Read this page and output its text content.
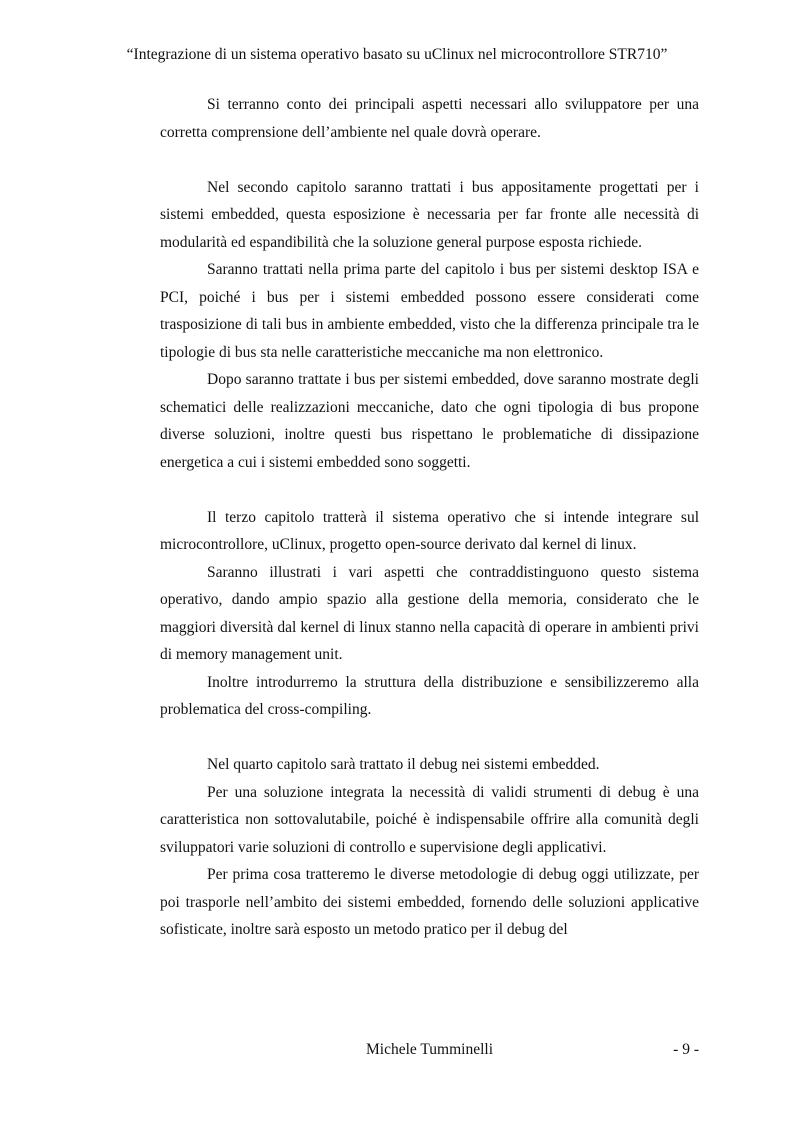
“Integrazione di un sistema operativo basato su uClinux nel microcontrollore STR710”

Si terranno conto dei principali aspetti necessari allo sviluppatore per una corretta comprensione dell’ambiente nel quale dovrà operare.

Nel secondo capitolo saranno trattati i bus appositamente progettati per i sistemi embedded, questa esposizione è necessaria per far fronte alle necessità di modularità ed espandibilità che la soluzione general purpose esposta richiede.

Saranno trattati nella prima parte del capitolo i bus per sistemi desktop ISA e PCI, poiché i bus per i sistemi embedded possono essere considerati come trasposizione di tali bus in ambiente embedded, visto che la differenza principale tra le tipologie di bus sta nelle caratteristiche meccaniche ma non elettronico.

Dopo saranno trattate i bus per sistemi embedded, dove saranno mostrate degli schematici delle realizzazioni meccaniche, dato che ogni tipologia di bus propone diverse soluzioni, inoltre questi bus rispettano le problematiche di dissipazione energetica a cui i sistemi embedded sono soggetti.

Il terzo capitolo tratterà il sistema operativo che si intende integrare sul microcontrollore, uClinux, progetto open-source derivato dal kernel di linux.

Saranno illustrati i vari aspetti che contraddistinguono questo sistema operativo, dando ampio spazio alla gestione della memoria, considerato che le maggiori diversità dal kernel di linux stanno nella capacità di operare in ambienti privi di memory management unit.

Inoltre introdurremo la struttura della distribuzione e sensibilizzeremo alla problematica del cross-compiling.

Nel quarto capitolo sarà trattato il debug nei sistemi embedded.

Per una soluzione integrata la necessità di validi strumenti di debug è una caratteristica non sottovalutabile, poiché è indispensabile offrire alla comunità degli sviluppatori varie soluzioni di controllo e supervisione degli applicativi.

Per prima cosa tratteremo le diverse metodologie di debug oggi utilizzate, per poi trasporle nell’ambito dei sistemi embedded, fornendo delle soluzioni applicative sofisticate, inoltre sarà esposto un metodo pratico per il debug del

Michele Tumminelli	- 9 -
